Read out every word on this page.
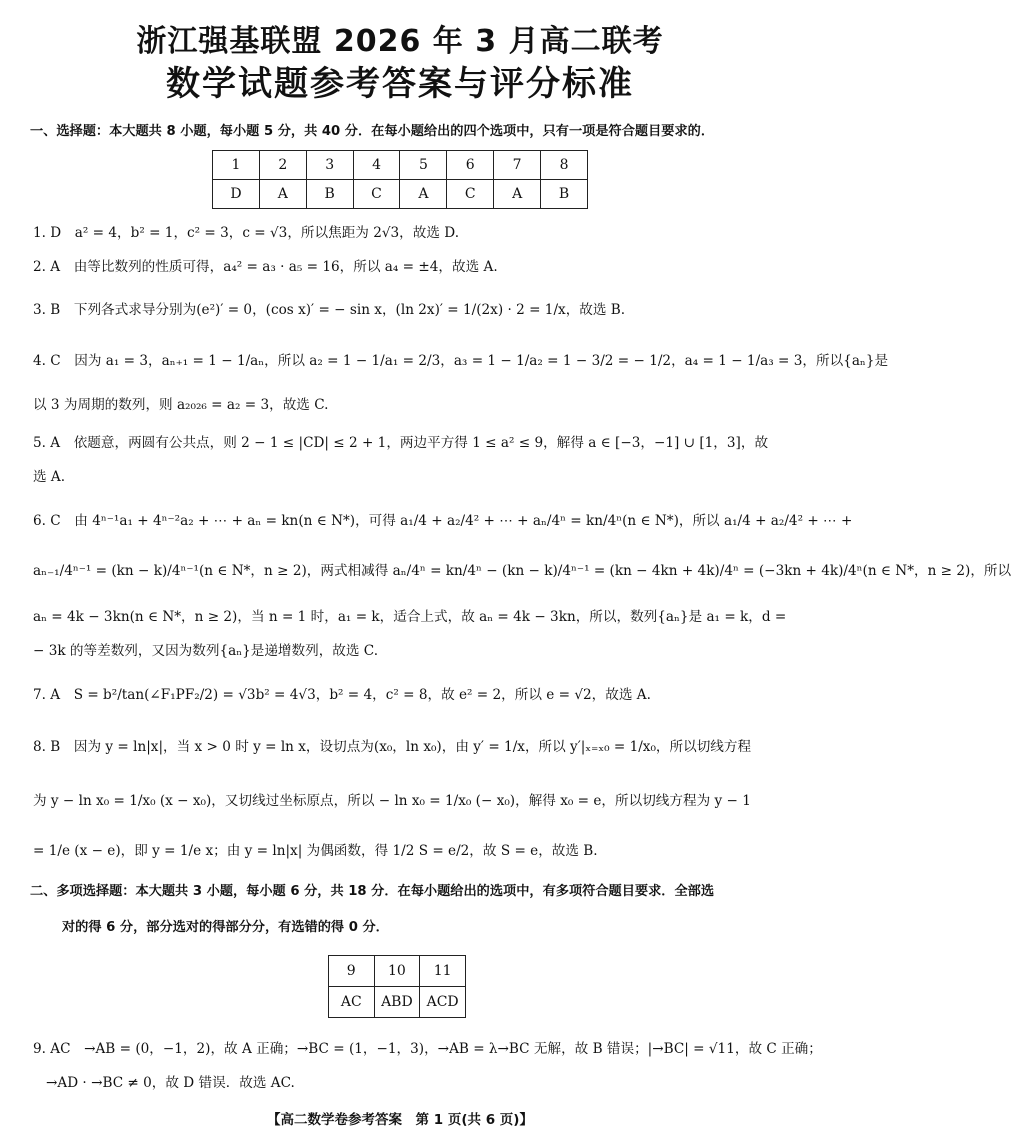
浙江强基联盟 2026 年 3 月高二联考
数学试题参考答案与评分标准
一、选择题：本大题共 8 小题，每小题 5 分，共 40 分．在每小题给出的四个选项中，只有一项是符合题目要求的．
1	2	3	4	5	6	7	8
D	A	B	C	A	C	A	B
1. D　a² = 4，b² = 1，c² = 3，c = √3，所以焦距为 2√3，故选 D.
2. A　由等比数列的性质可得，a₄² = a₃ · a₅ = 16，所以 a₄ = ±4，故选 A.
3. B　下列各式求导分别为(e²)′ = 0，(cos x)′ = − sin x，(ln 2x)′ = 1/(2x) · 2 = 1/x，故选 B.
4. C　因为 a₁ = 3，aₙ₊₁ = 1 − 1/aₙ，所以 a₂ = 1 − 1/a₁ = 2/3，a₃ = 1 − 1/a₂ = 1 − 3/2 = − 1/2，a₄ = 1 − 1/a₃ = 3，所以{aₙ}是
以 3 为周期的数列，则 a₂₀₂₆ = a₂ = 3，故选 C.
5. A　依题意，两圆有公共点，则 2 − 1 ≤ |CD| ≤ 2 + 1，两边平方得 1 ≤ a² ≤ 9，解得 a ∈ [−3，−1] ∪ [1，3]，故
选 A.
6. C　由 4ⁿ⁻¹a₁ + 4ⁿ⁻²a₂ + ⋯ + aₙ = kn(n ∈ N*)，可得 a₁/4 + a₂/4² + ⋯ + aₙ/4ⁿ = kn/4ⁿ(n ∈ N*)，所以 a₁/4 + a₂/4² + ⋯ +
aₙ₋₁/4ⁿ⁻¹ = (kn − k)/4ⁿ⁻¹(n ∈ N*，n ≥ 2)，两式相减得 aₙ/4ⁿ = kn/4ⁿ − (kn − k)/4ⁿ⁻¹ = (kn − 4kn + 4k)/4ⁿ = (−3kn + 4k)/4ⁿ(n ∈ N*，n ≥ 2)，所以
aₙ = 4k − 3kn(n ∈ N*，n ≥ 2)，当 n = 1 时，a₁ = k，适合上式，故 aₙ = 4k − 3kn，所以，数列{aₙ}是 a₁ = k，d =
− 3k 的等差数列，又因为数列{aₙ}是递增数列，故选 C.
7. A　S = b²/tan(∠F₁PF₂/2) = √3b² = 4√3，b² = 4，c² = 8，故 e² = 2，所以 e = √2，故选 A.
8. B　因为 y = ln|x|，当 x > 0 时 y = ln x，设切点为(x₀，ln x₀)，由 y′ = 1/x，所以 y′|ₓ₌ₓ₀ = 1/x₀，所以切线方程
为 y − ln x₀ = 1/x₀ (x − x₀)，又切线过坐标原点，所以 − ln x₀ = 1/x₀ (− x₀)，解得 x₀ = e，所以切线方程为 y − 1
= 1/e (x − e)，即 y = 1/e x；由 y = ln|x| 为偶函数，得 1/2 S = e/2，故 S = e，故选 B.
二、多项选择题：本大题共 3 小题，每小题 6 分，共 18 分．在每小题给出的选项中，有多项符合题目要求．全部选
对的得 6 分，部分选对的得部分分，有选错的得 0 分．
9	10	11
AC	ABD	ACD
9. AC　→AB = (0，−1，2)，故 A 正确；→BC = (1，−1，3)，→AB = λ→BC 无解，故 B 错误；|→BC| = √11，故 C 正确；
→AD · →BC ≠ 0，故 D 错误．故选 AC.
【高二数学卷参考答案　第 1 页(共 6 页)】
